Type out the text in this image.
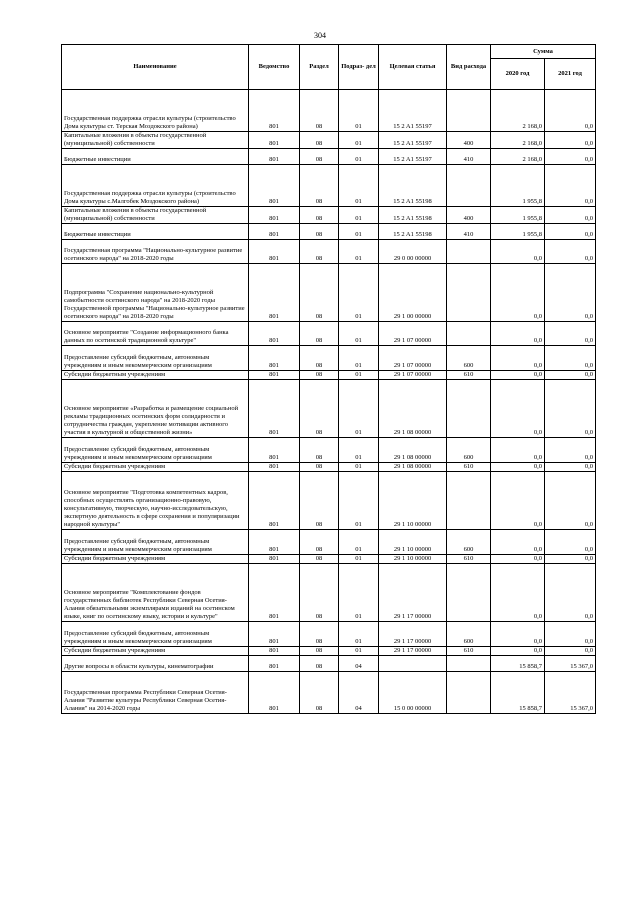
304
Наименование	Ведомство	Раздел	Подраз- дел	Целевая статья	Вид расхода	Сумма	
						2020 год	2021 год
Государственная поддержка отрасли культуры (строительство Дома культуры ст. Терская Моздокского района)	801	08	01	15 2 A1 55197		2 168,0	0,0
Капитальные вложения в объекты государственной (муниципальной) собственности	801	08	01	15 2 A1 55197	400	2 168,0	0,0
Бюджетные инвестиции	801	08	01	15 2 A1 55197	410	2 168,0	0,0
Государственная поддержка отрасли культуры (строительство Дома культуры с.Малгобек Моздокского района)	801	08	01	15 2 A1 55198		1 955,8	0,0
Капитальные вложения в объекты государственной (муниципальной) собственности	801	08	01	15 2 A1 55198	400	1 955,8	0,0
Бюджетные инвестиции	801	08	01	15 2 A1 55198	410	1 955,8	0,0
Государственная программа "Национально-культурное развитие осетинского народа" на 2018-2020 годы	801	08	01	29 0 00 00000		0,0	0,0
Подпрограмма "Сохранение национально-культурной самобытности осетинского народа" на 2018-2020 годы Государственной программы "Национально-культурное развитие осетинского народа" на 2018-2020 годы	801	08	01	29 1 00 00000		0,0	0,0
Основное мероприятие "Создание информационного банка данных по осетинской традиционной культуре"	801	08	01	29 1 07 00000		0,0	0,0
Предоставление субсидий бюджетным, автономным учреждениям и иным некоммерческим организациям	801	08	01	29 1 07 00000	600	0,0	0,0
Субсидии бюджетным учреждениям	801	08	01	29 1 07 00000	610	0,0	0,0
Основное мероприятие «Разработка и размещение социальной рекламы традиционных осетинских форм солидарности и сотрудничества граждан, укрепление мотивации активного участия в культурной и общественной жизни»	801	08	01	29 1 08 00000		0,0	0,0
Предоставление субсидий бюджетным, автономным учреждениям и иным некоммерческим организациям	801	08	01	29 1 08 00000	600	0,0	0,0
Субсидии бюджетным учреждениям	801	08	01	29 1 08 00000	610	0,0	0,0
Основное мероприятие "Подготовка компетентных кадров, способных осуществлять организационно-правовую, консультативную, творческую, научно-исследовательскую, экспертную деятельность в сфере сохранения и популяризации народной культуры"	801	08	01	29 1 10 00000		0,0	0,0
Предоставление субсидий бюджетным, автономным учреждениям и иным некоммерческим организациям	801	08	01	29 1 10 00000	600	0,0	0,0
Субсидии бюджетным учреждениям	801	08	01	29 1 10 00000	610	0,0	0,0
Основное мероприятие "Комплектование фондов государственных библиотек Республики Северная Осетия-Алания обязательными экземплярами изданий на осетинском языке, книг по осетинскому языку, истории и культуре"	801	08	01	29 1 17 00000		0,0	0,0
Предоставление субсидий бюджетным, автономным учреждениям и иным некоммерческим организациям	801	08	01	29 1 17 00000	600	0,0	0,0
Субсидии бюджетным учреждениям	801	08	01	29 1 17 00000	610	0,0	0,0
Другие вопросы в области культуры, кинематографии	801	08	04			15 858,7	15 367,0
Государственная программа Республики Северная Осетия-Алания "Развитие культуры Республики Северная Осетия-Алания" на 2014-2020 годы	801	08	04	15 0 00 00000		15 858,7	15 367,0
